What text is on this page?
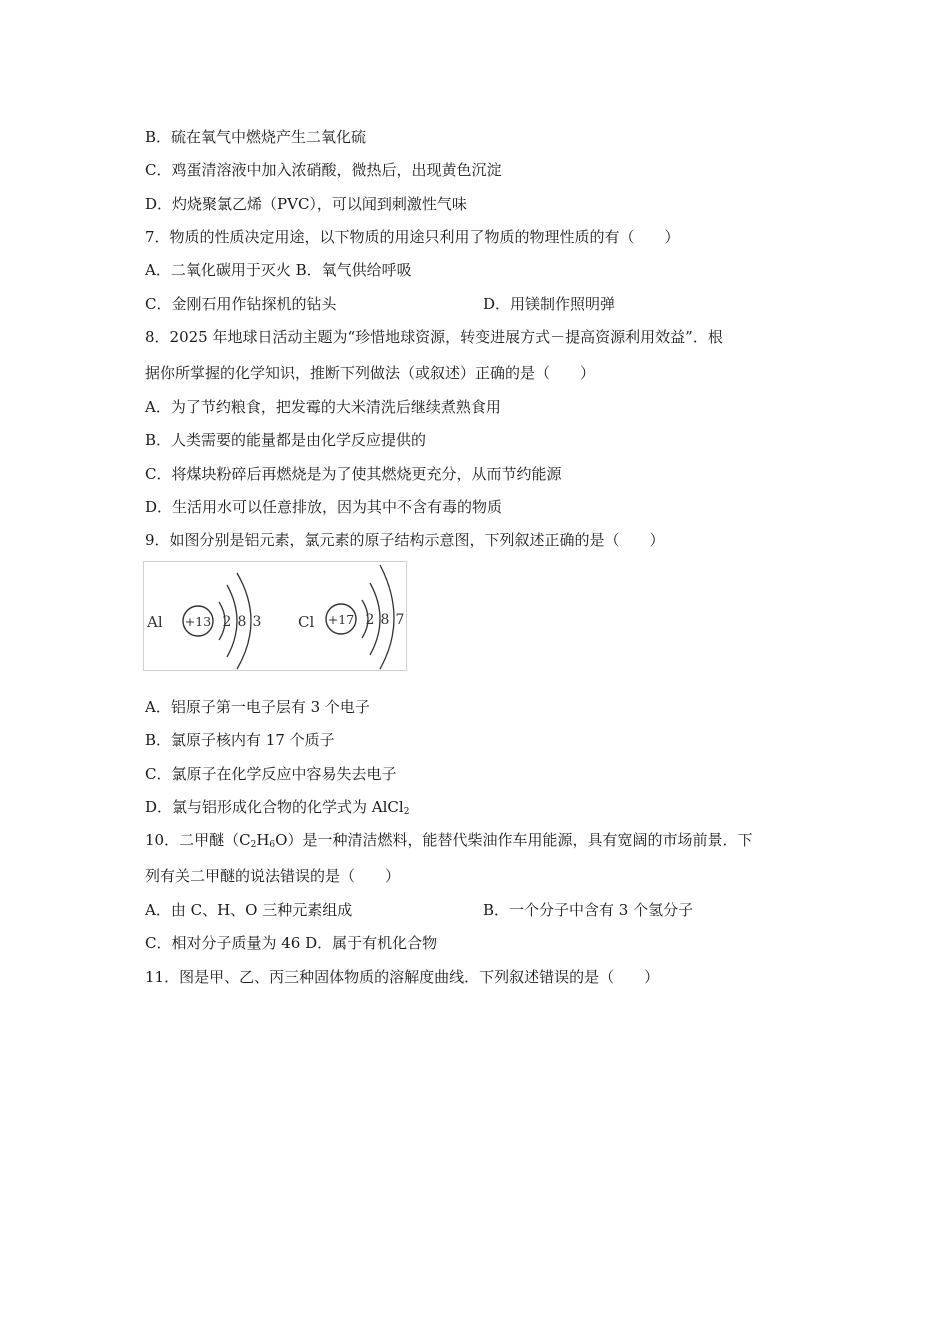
B．硫在氧气中燃烧产生二氧化硫
C．鸡蛋清溶液中加入浓硝酸，微热后，出现黄色沉淀
D．灼烧聚氯乙烯（PVC），可以闻到刺激性气味
7．物质的性质决定用途，以下物质的用途只利用了物质的物理性质的有（　　）
A．二氧化碳用于灭火 B．氧气供给呼吸
C．金刚石用作钻探机的钻头	D．用镁制作照明弹
8．2025 年地球日活动主题为“珍惜地球资源，转变进展方式－提高资源利用效益”．根
据你所掌握的化学知识，推断下列做法（或叙述）正确的是（　　）
A．为了节约粮食，把发霉的大米清洗后继续煮熟食用
B．人类需要的能量都是由化学反应提供的
C．将煤块粉碎后再燃烧是为了使其燃烧更充分，从而节约能源
D．生活用水可以任意排放，因为其中不含有毒的物质
9．如图分别是铝元素，氯元素的原子结构示意图，下列叙述正确的是（　　）
Al +13 2 8 3 Cl +17 2 8 7
A．铝原子第一电子层有 3 个电子
B．氯原子核内有 17 个质子
C．氯原子在化学反应中容易失去电子
D．氯与铝形成化合物的化学式为 AlCl$_2$
10．二甲醚$(C_2H_6O)$是一种清洁燃料，能替代柴油作车用能源，具有宽阔的市场前景．下
列有关二甲醚的说法错误的是（　　）
A．由 C、H、O 三种元素组成	B．一个分子中含有 3 个氢分子
C．相对分子质量为 46 D．属于有机化合物
11．图是甲、乙、丙三种固体物质的溶解度曲线．下列叙述错误的是（　　）
